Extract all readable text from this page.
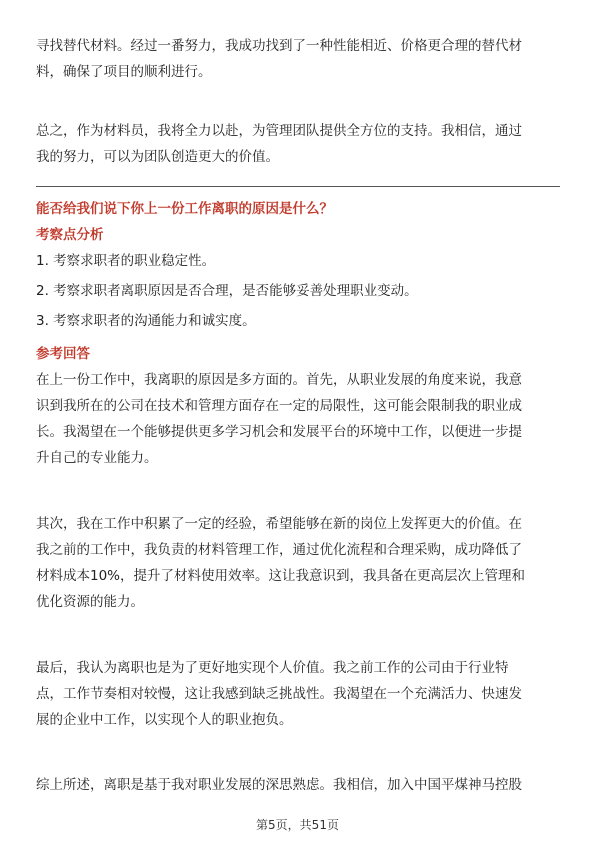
寻找替代材料。经过一番努力，我成功找到了一种性能相近、价格更合理的替代材
料，确保了项目的顺利进行。

总之，作为材料员，我将全力以赴，为管理团队提供全方位的支持。我相信，通过
我的努力，可以为团队创造更大的价值。

能否给我们说下你上一份工作离职的原因是什么？
考察点分析
1. 考察求职者的职业稳定性。
2. 考察求职者离职原因是否合理，是否能够妥善处理职业变动。
3. 考察求职者的沟通能力和诚实度。
参考回答

在上一份工作中，我离职的原因是多方面的。首先，从职业发展的角度来说，我意
识到我所在的公司在技术和管理方面存在一定的局限性，这可能会限制我的职业成
长。我渴望在一个能够提供更多学习机会和发展平台的环境中工作，以便进一步提
升自己的专业能力。

其次，我在工作中积累了一定的经验，希望能够在新的岗位上发挥更大的价值。在
我之前的工作中，我负责的材料管理工作，通过优化流程和合理采购，成功降低了
材料成本10%，提升了材料使用效率。这让我意识到，我具备在更高层次上管理和
优化资源的能力。

最后，我认为离职也是为了更好地实现个人价值。我之前工作的公司由于行业特
点，工作节奏相对较慢，这让我感到缺乏挑战性。我渴望在一个充满活力、快速发
展的企业中工作，以实现个人的职业抱负。

综上所述，离职是基于我对职业发展的深思熟虑。我相信，加入中国平煤神马控股

第5页，共51页
